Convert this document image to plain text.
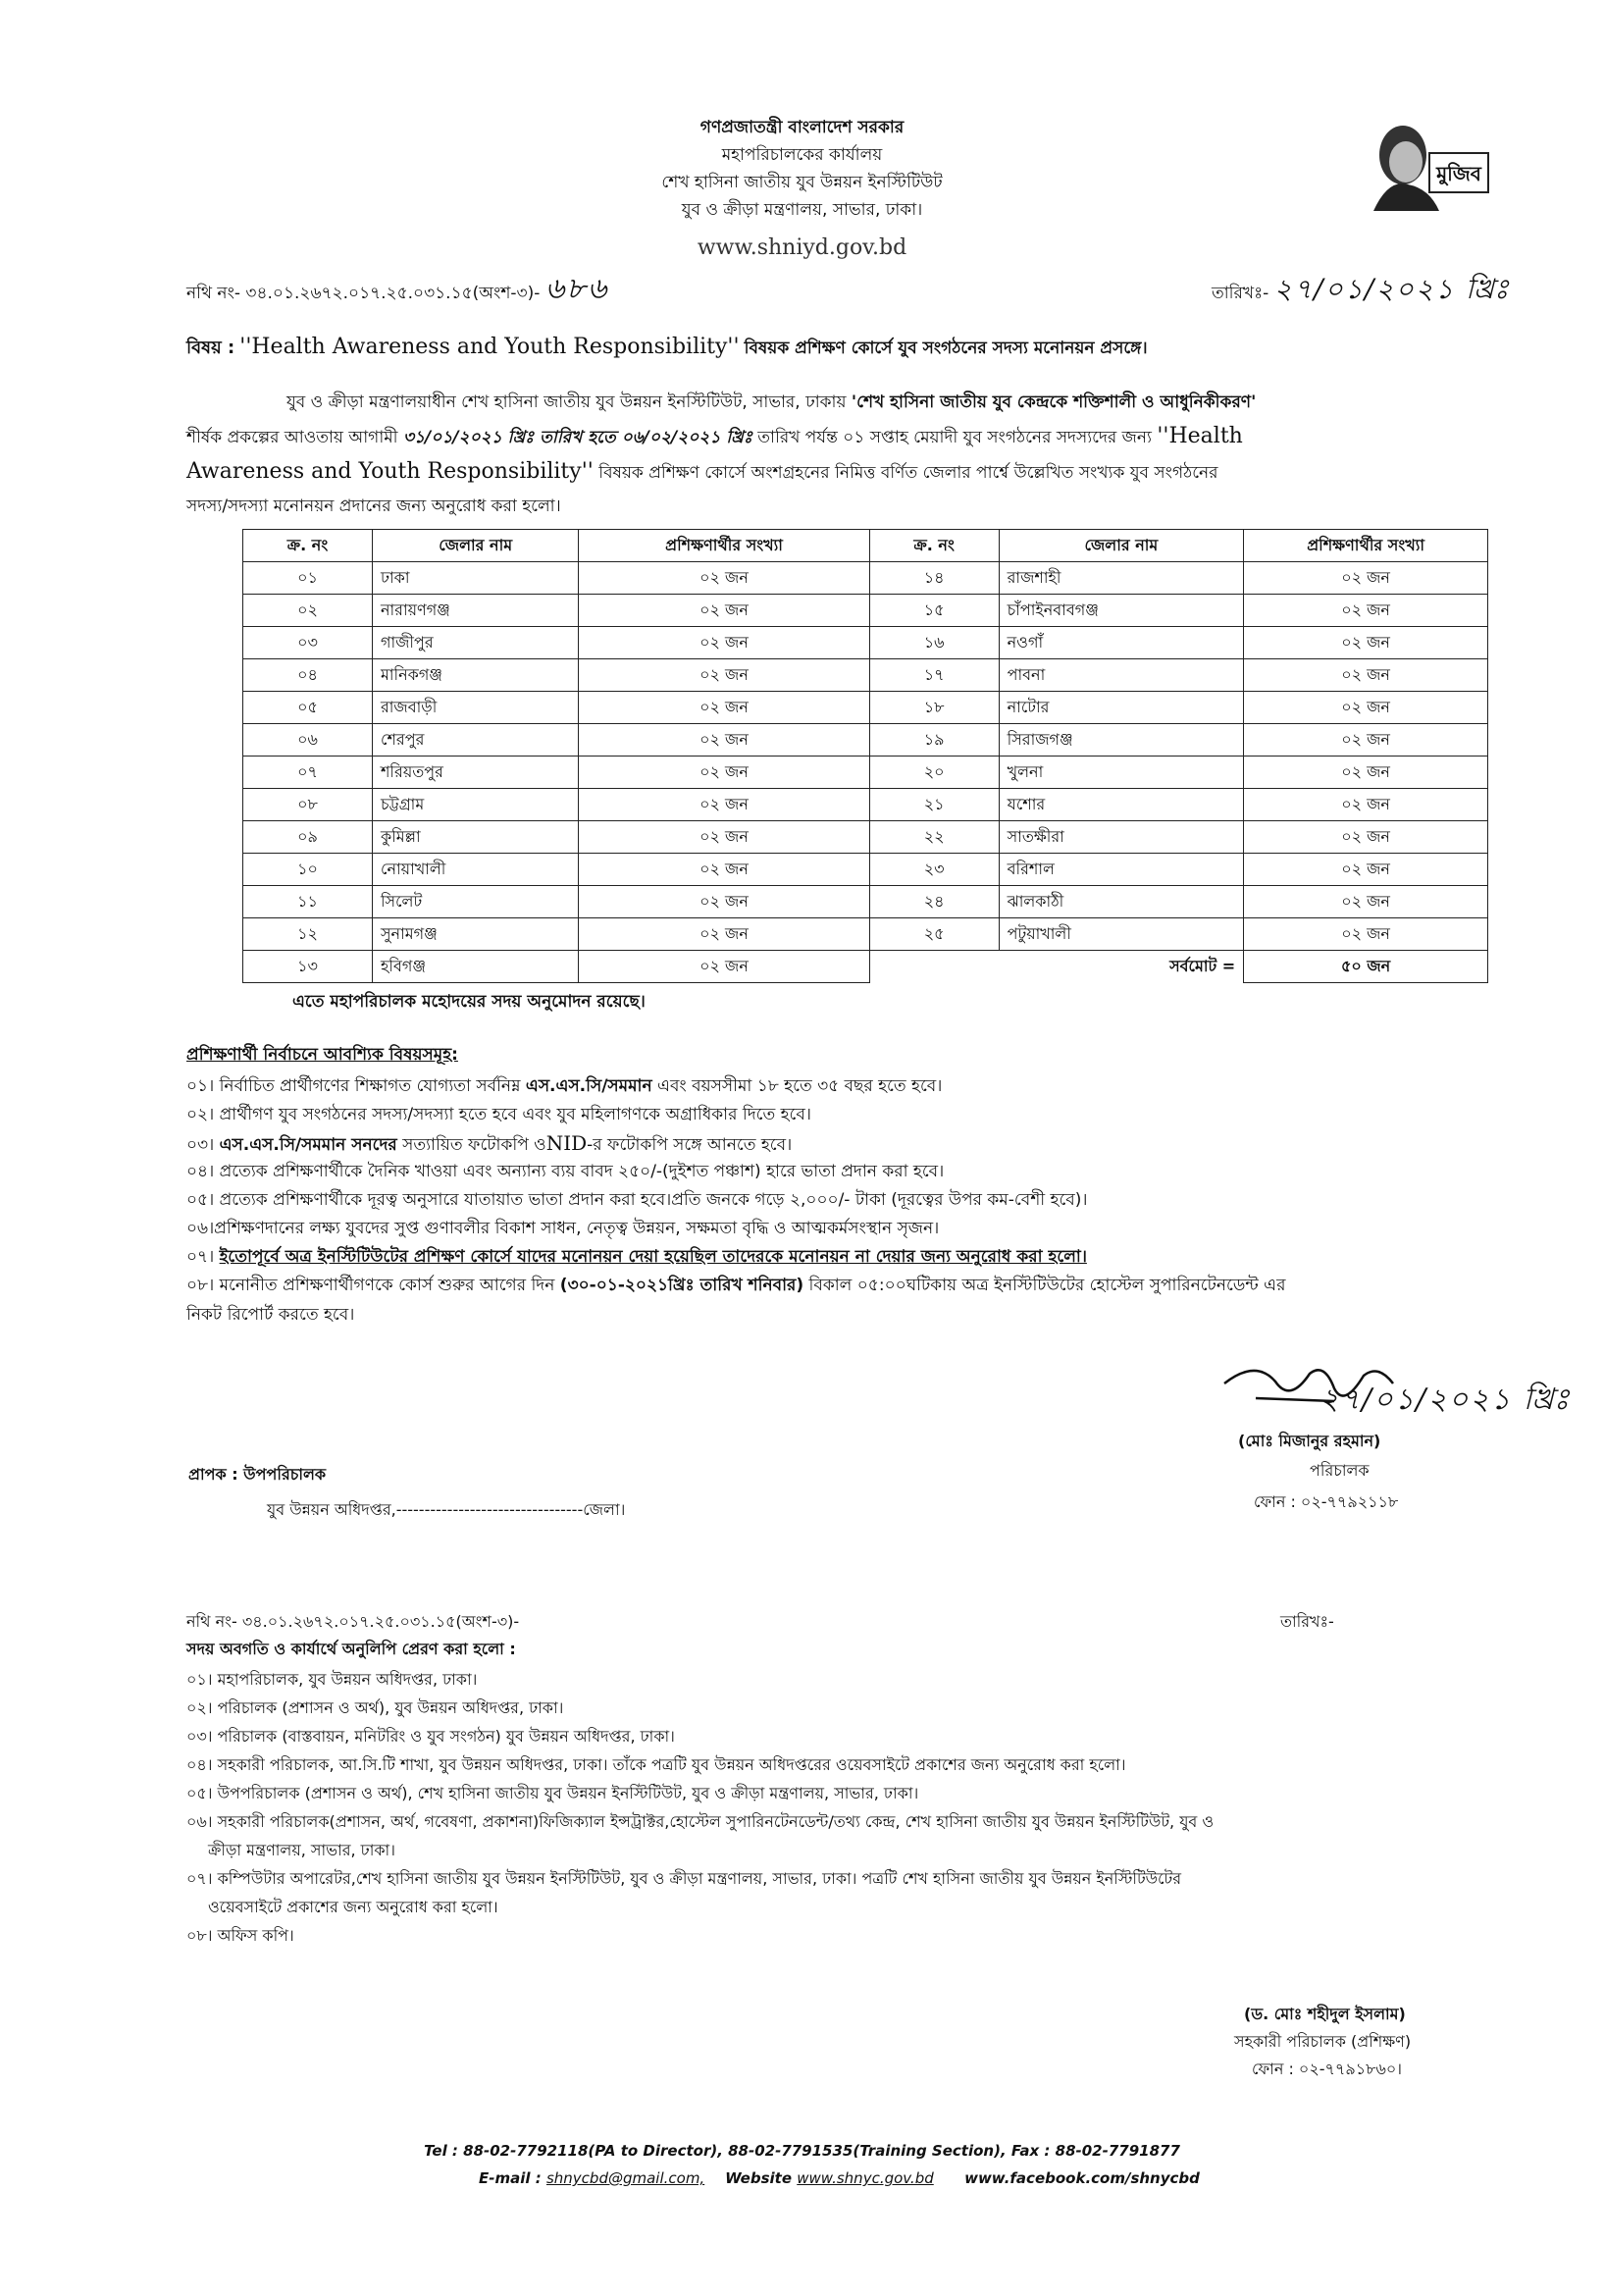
গণপ্রজাতন্ত্রী বাংলাদেশ সরকার
মহাপরিচালকের কার্যালয়
শেখ হাসিনা জাতীয় যুব উন্নয়ন ইনস্টিটিউট
যুব ও ক্রীড়া মন্ত্রণালয়, সাভার, ঢাকা।
www.shniyd.gov.bd
মুজিব
নথি নং- ৩৪.০১.২৬৭২.০১৭.২৫.০৩১.১৫(অংশ-৩)- ৬৮৬	তারিখঃ- ২৭/০১/২০২১ খ্রিঃ
বিষয় : ''Health Awareness and Youth Responsibility'' বিষয়ক প্রশিক্ষণ কোর্সে যুব সংগঠনের সদস্য মনোনয়ন প্রসঙ্গে।
যুব ও ক্রীড়া মন্ত্রণালয়াধীন শেখ হাসিনা জাতীয় যুব উন্নয়ন ইনস্টিটিউট, সাভার, ঢাকায় 'শেখ হাসিনা জাতীয় যুব কেন্দ্রকে শক্তিশালী ও আধুনিকীকরণ'
শীর্ষক প্রকল্পের আওতায় আগামী ৩১/০১/২০২১ খ্রিঃ তারিখ হতে ০৬/০২/২০২১ খ্রিঃ তারিখ পর্যন্ত ০১ সপ্তাহ মেয়াদী যুব সংগঠনের সদস্যদের জন্য ''Health
Awareness and Youth Responsibility'' বিষয়ক প্রশিক্ষণ কোর্সে অংশগ্রহনের নিমিত্ত বর্ণিত জেলার পার্শ্বে উল্লেখিত সংখ্যক যুব সংগঠনের
সদস্য/সদস্যা মনোনয়ন প্রদানের জন্য অনুরোধ করা হলো।
ক্র. নং	জেলার নাম	প্রশিক্ষণার্থীর সংখ্যা	ক্র. নং	জেলার নাম	প্রশিক্ষণার্থীর সংখ্যা
০১	ঢাকা	০২ জন	১৪	রাজশাহী	০২ জন
০২	নারায়ণগঞ্জ	০২ জন	১৫	চাঁপাইনবাবগঞ্জ	০২ জন
০৩	গাজীপুর	০২ জন	১৬	নওগাঁ	০২ জন
০৪	মানিকগঞ্জ	০২ জন	১৭	পাবনা	০২ জন
০৫	রাজবাড়ী	০২ জন	১৮	নাটোর	০২ জন
০৬	শেরপুর	০২ জন	১৯	সিরাজগঞ্জ	০২ জন
০৭	শরিয়তপুর	০২ জন	২০	খুলনা	০২ জন
০৮	চট্টগ্রাম	০২ জন	২১	যশোর	০২ জন
০৯	কুমিল্লা	০২ জন	২২	সাতক্ষীরা	০২ জন
১০	নোয়াখালী	০২ জন	২৩	বরিশাল	০২ জন
১১	সিলেট	০২ জন	২৪	ঝালকাঠী	০২ জন
১২	সুনামগঞ্জ	০২ জন	২৫	পটুয়াখালী	০২ জন
১৩	হবিগঞ্জ	০২ জন	সর্বমোট =		৫০ জন
এতে মহাপরিচালক মহোদয়ের সদয় অনুমোদন রয়েছে।
প্রশিক্ষণার্থী নির্বাচনে আবশ্যিক বিষয়সমূহ:
০১। নির্বাচিত প্রার্থীগণের শিক্ষাগত যোগ্যতা সর্বনিম্ন এস.এস.সি/সমমান এবং বয়সসীমা ১৮ হতে ৩৫ বছর হতে হবে।
০২। প্রার্থীগণ যুব সংগঠনের সদস্য/সদস্যা হতে হবে এবং যুব মহিলাগণকে অগ্রাধিকার দিতে হবে।
০৩। এস.এস.সি/সমমান সনদের সত্যায়িত ফটোকপি ওNID-র ফটোকপি সঙ্গে আনতে হবে।
০৪। প্রত্যেক প্রশিক্ষণার্থীকে দৈনিক খাওয়া এবং অন্যান্য ব্যয় বাবদ ২৫০/-(দুইশত পঞ্চাশ) হারে ভাতা প্রদান করা হবে।
০৫। প্রত্যেক প্রশিক্ষণার্থীকে দূরত্ব অনুসারে যাতায়াত ভাতা প্রদান করা হবে।প্রতি জনকে গড়ে ২,০০০/- টাকা (দূরত্বের উপর কম-বেশী হবে)।
০৬।প্রশিক্ষণদানের লক্ষ্য যুবদের সুপ্ত গুণাবলীর বিকাশ সাধন, নেতৃত্ব উন্নয়ন, সক্ষমতা বৃদ্ধি ও আত্মকর্মসংস্থান সৃজন।
০৭। ইতোপূর্বে অত্র ইনস্টিটিউটের প্রশিক্ষণ কোর্সে যাদের মনোনয়ন দেয়া হয়েছিল তাদেরকে মনোনয়ন না দেয়ার জন্য অনুরোধ করা হলো।
০৮। মনোনীত প্রশিক্ষণার্থীগণকে কোর্স শুরুর আগের দিন (৩০-০১-২০২১খ্রিঃ তারিখ শনিবার) বিকাল ০৫:০০ঘটিকায় অত্র ইনস্টিটিউটের হোস্টেল সুপারিনটেনডেন্ট এর
নিকট রিপোর্ট করতে হবে।
২৭/০১/২০২১ খ্রিঃ
(মোঃ মিজানুর রহমান)
পরিচালক
ফোন : ০২-৭৭৯২১১৮
প্রাপক : উপপরিচালক
যুব উন্নয়ন অধিদপ্তর,---------------------------------জেলা।
নথি নং- ৩৪.০১.২৬৭২.০১৭.২৫.০৩১.১৫(অংশ-৩)-	তারিখঃ-
সদয় অবগতি ও কার্যার্থে অনুলিপি প্রেরণ করা হলো :
০১। মহাপরিচালক, যুব উন্নয়ন অধিদপ্তর, ঢাকা।
০২। পরিচালক (প্রশাসন ও অর্থ), যুব উন্নয়ন অধিদপ্তর, ঢাকা।
০৩। পরিচালক (বাস্তবায়ন, মনিটরিং ও যুব সংগঠন) যুব উন্নয়ন অধিদপ্তর, ঢাকা।
০৪। সহকারী পরিচালক, আ.সি.টি শাখা, যুব উন্নয়ন অধিদপ্তর, ঢাকা। তাঁকে পত্রটি যুব উন্নয়ন অধিদপ্তরের ওয়েবসাইটে প্রকাশের জন্য অনুরোধ করা হলো।
০৫। উপপরিচালক (প্রশাসন ও অর্থ), শেখ হাসিনা জাতীয় যুব উন্নয়ন ইনস্টিটিউট, যুব ও ক্রীড়া মন্ত্রণালয়, সাভার, ঢাকা।
০৬। সহকারী পরিচালক(প্রশাসন, অর্থ, গবেষণা, প্রকাশনা)ফিজিক্যাল ইন্সট্রাক্টর,হোস্টেল সুপারিনটেনডেন্ট/তথ্য কেন্দ্র, শেখ হাসিনা জাতীয় যুব উন্নয়ন ইনস্টিটিউট, যুব ও
ক্রীড়া মন্ত্রণালয়, সাভার, ঢাকা।
০৭। কম্পিউটার অপারেটর,শেখ হাসিনা জাতীয় যুব উন্নয়ন ইনস্টিটিউট, যুব ও ক্রীড়া মন্ত্রণালয়, সাভার, ঢাকা। পত্রটি শেখ হাসিনা জাতীয় যুব উন্নয়ন ইনস্টিটিউটের
ওয়েবসাইটে প্রকাশের জন্য অনুরোধ করা হলো।
০৮। অফিস কপি।
(ড. মোঃ শহীদুল ইসলাম)
সহকারী পরিচালক (প্রশিক্ষণ)
ফোন : ০২-৭৭৯১৮৬০।
Tel : 88-02-7792118(PA to Director), 88-02-7791535(Training Section), Fax : 88-02-7791877
E-mail : shnycbd@gmail.com, Website www.shnyc.gov.bd www.facebook.com/shnycbd
